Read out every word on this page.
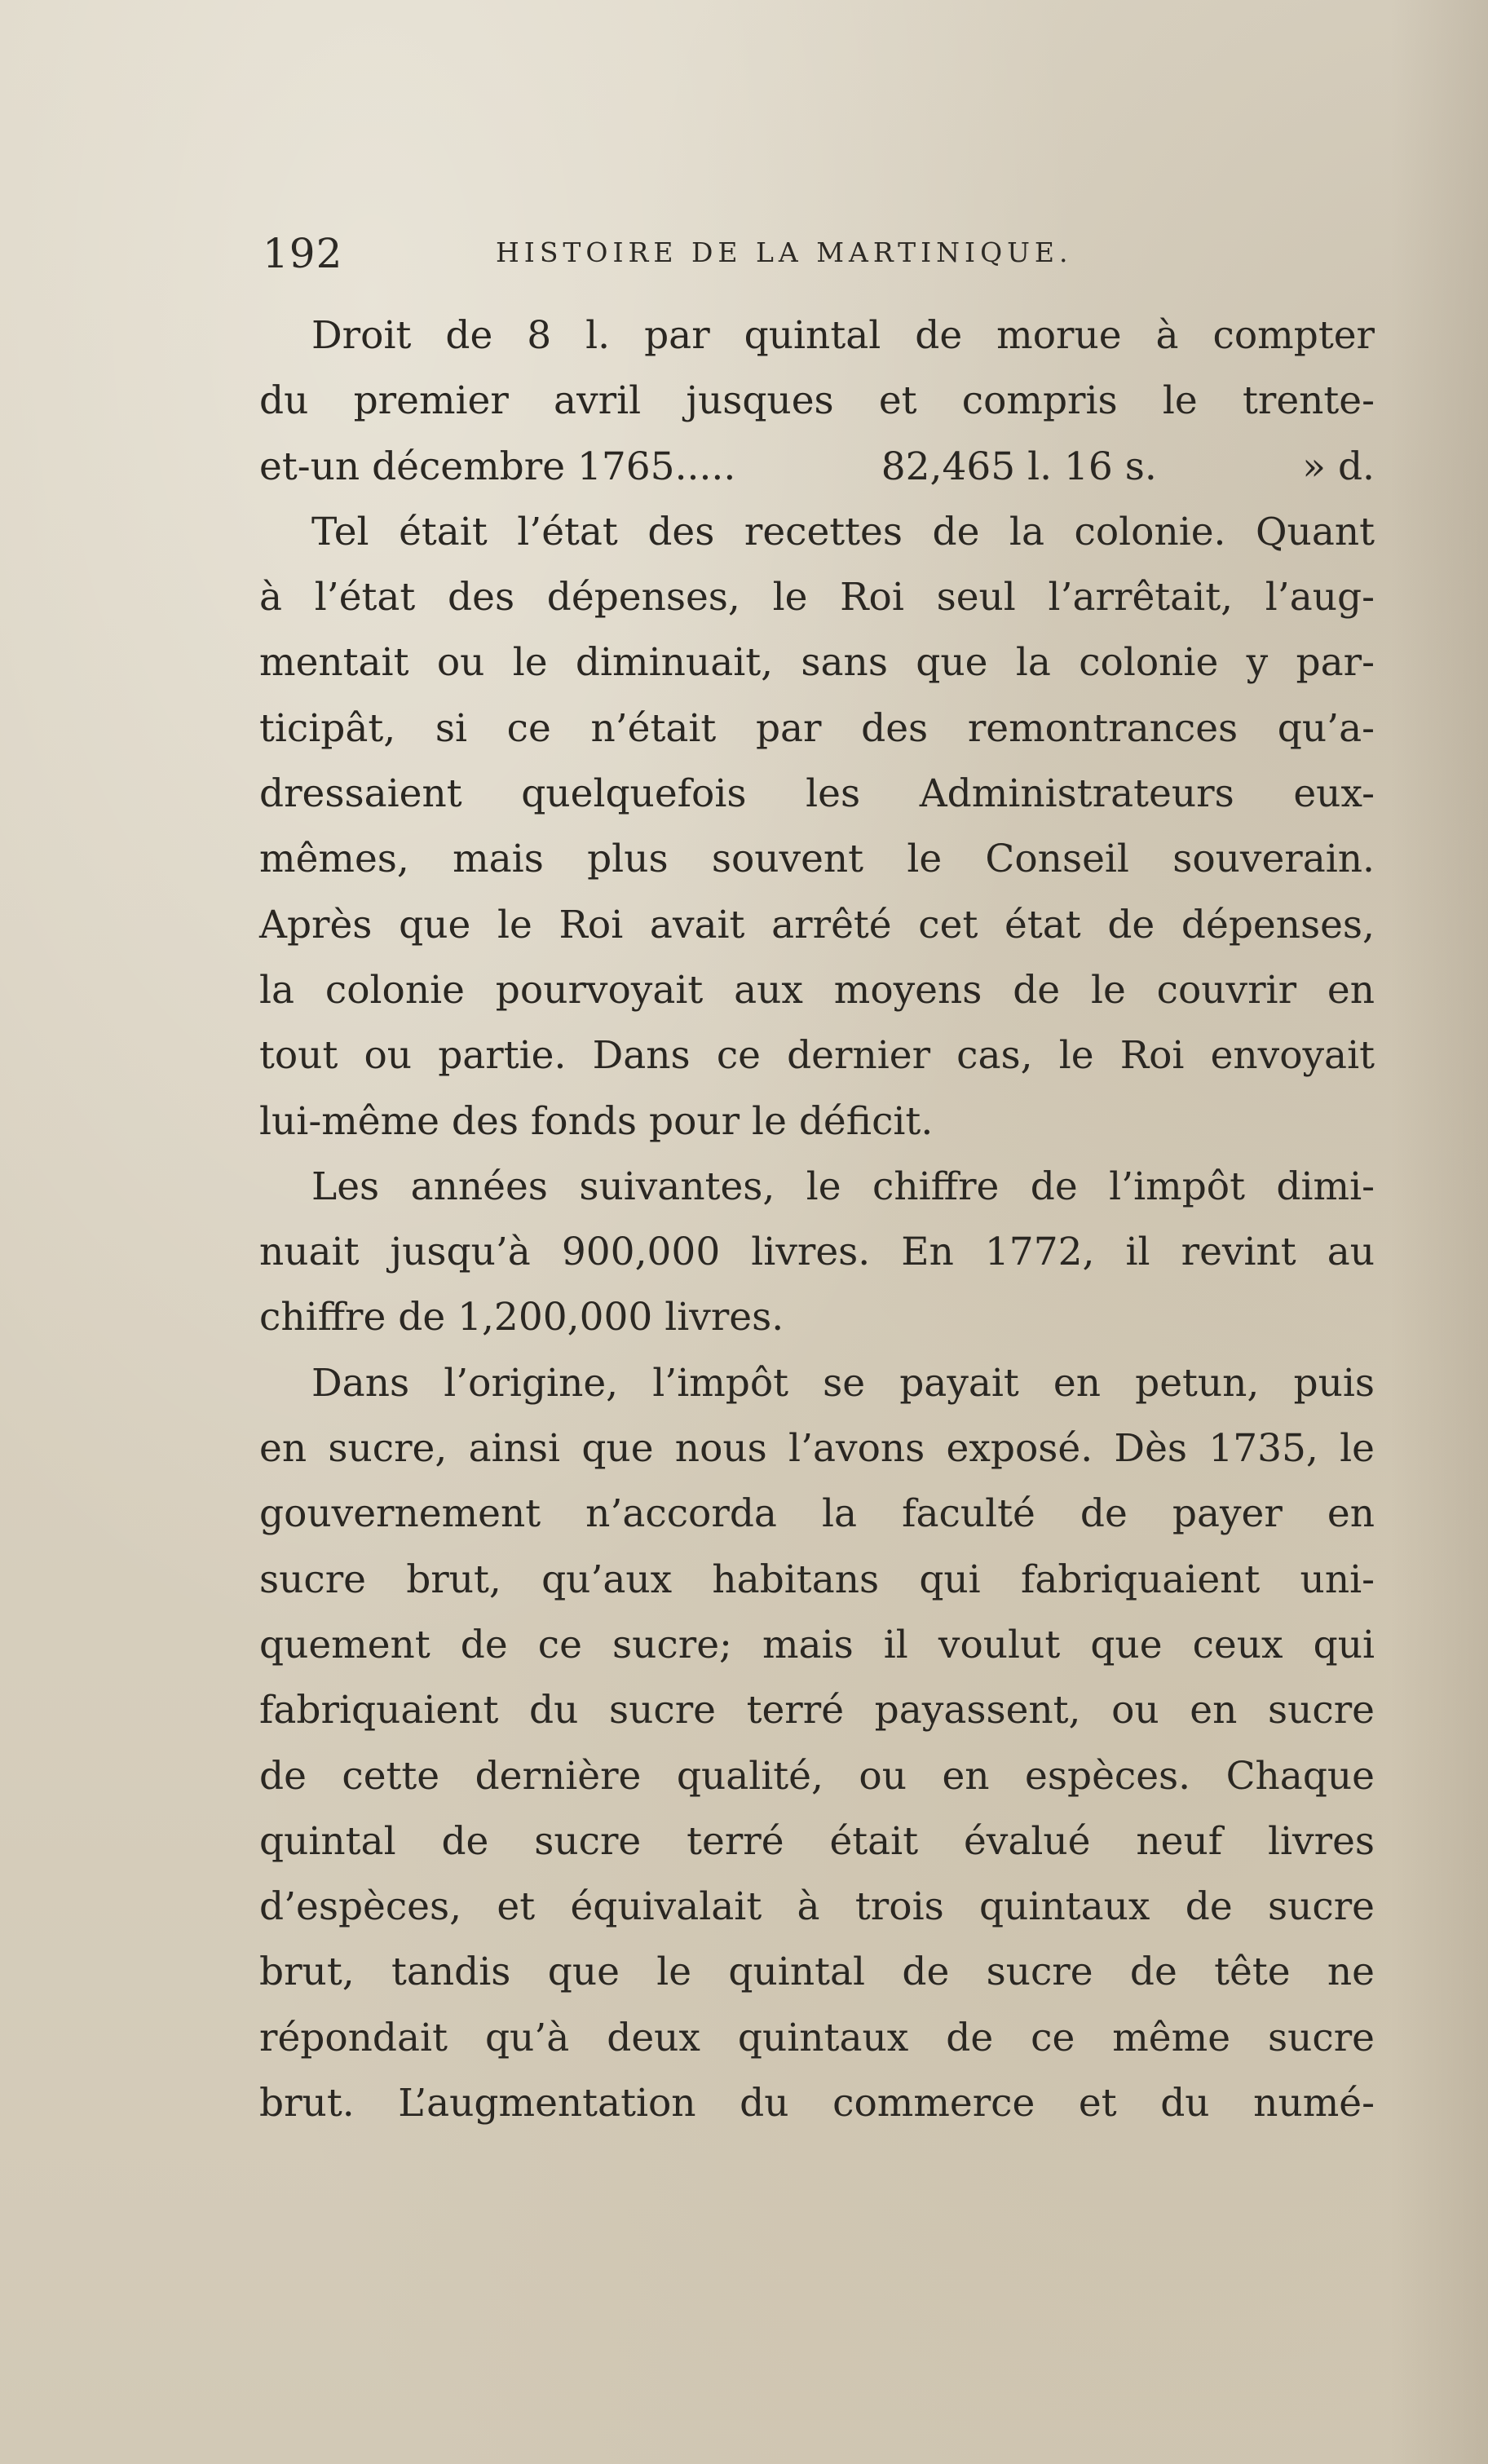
192	HISTOIRE DE LA MARTINIQUE.
Droit de 8 l. par quintal de morue à compter
du premier avril jusques et compris le trente-
et-un décembre 1765.....	82,465 l. 16 s.	» d.
Tel était l’état des recettes de la colonie. Quant
à l’état des dépenses, le Roi seul l’arrêtait, l’aug-
mentait ou le diminuait, sans que la colonie y par-
ticipât, si ce n’était par des remontrances qu’a-
dressaient quelquefois les Administrateurs eux-
mêmes, mais plus souvent le Conseil souverain.
Après que le Roi avait arrêté cet état de dépenses,
la colonie pourvoyait aux moyens de le couvrir en
tout ou partie. Dans ce dernier cas, le Roi envoyait
lui-même des fonds pour le déficit.
Les années suivantes, le chiffre de l’impôt dimi-
nuait jusqu’à 900,000 livres. En 1772, il revint au
chiffre de 1,200,000 livres.
Dans l’origine, l’impôt se payait en petun, puis
en sucre, ainsi que nous l’avons exposé. Dès 1735, le
gouvernement n’accorda la faculté de payer en
sucre brut, qu’aux habitans qui fabriquaient uni-
quement de ce sucre; mais il voulut que ceux qui
fabriquaient du sucre terré payassent, ou en sucre
de cette dernière qualité, ou en espèces. Chaque
quintal de sucre terré était évalué neuf livres
d’espèces, et équivalait à trois quintaux de sucre
brut, tandis que le quintal de sucre de tête ne
répondait qu’à deux quintaux de ce même sucre
brut. L’augmentation du commerce et du numé-
